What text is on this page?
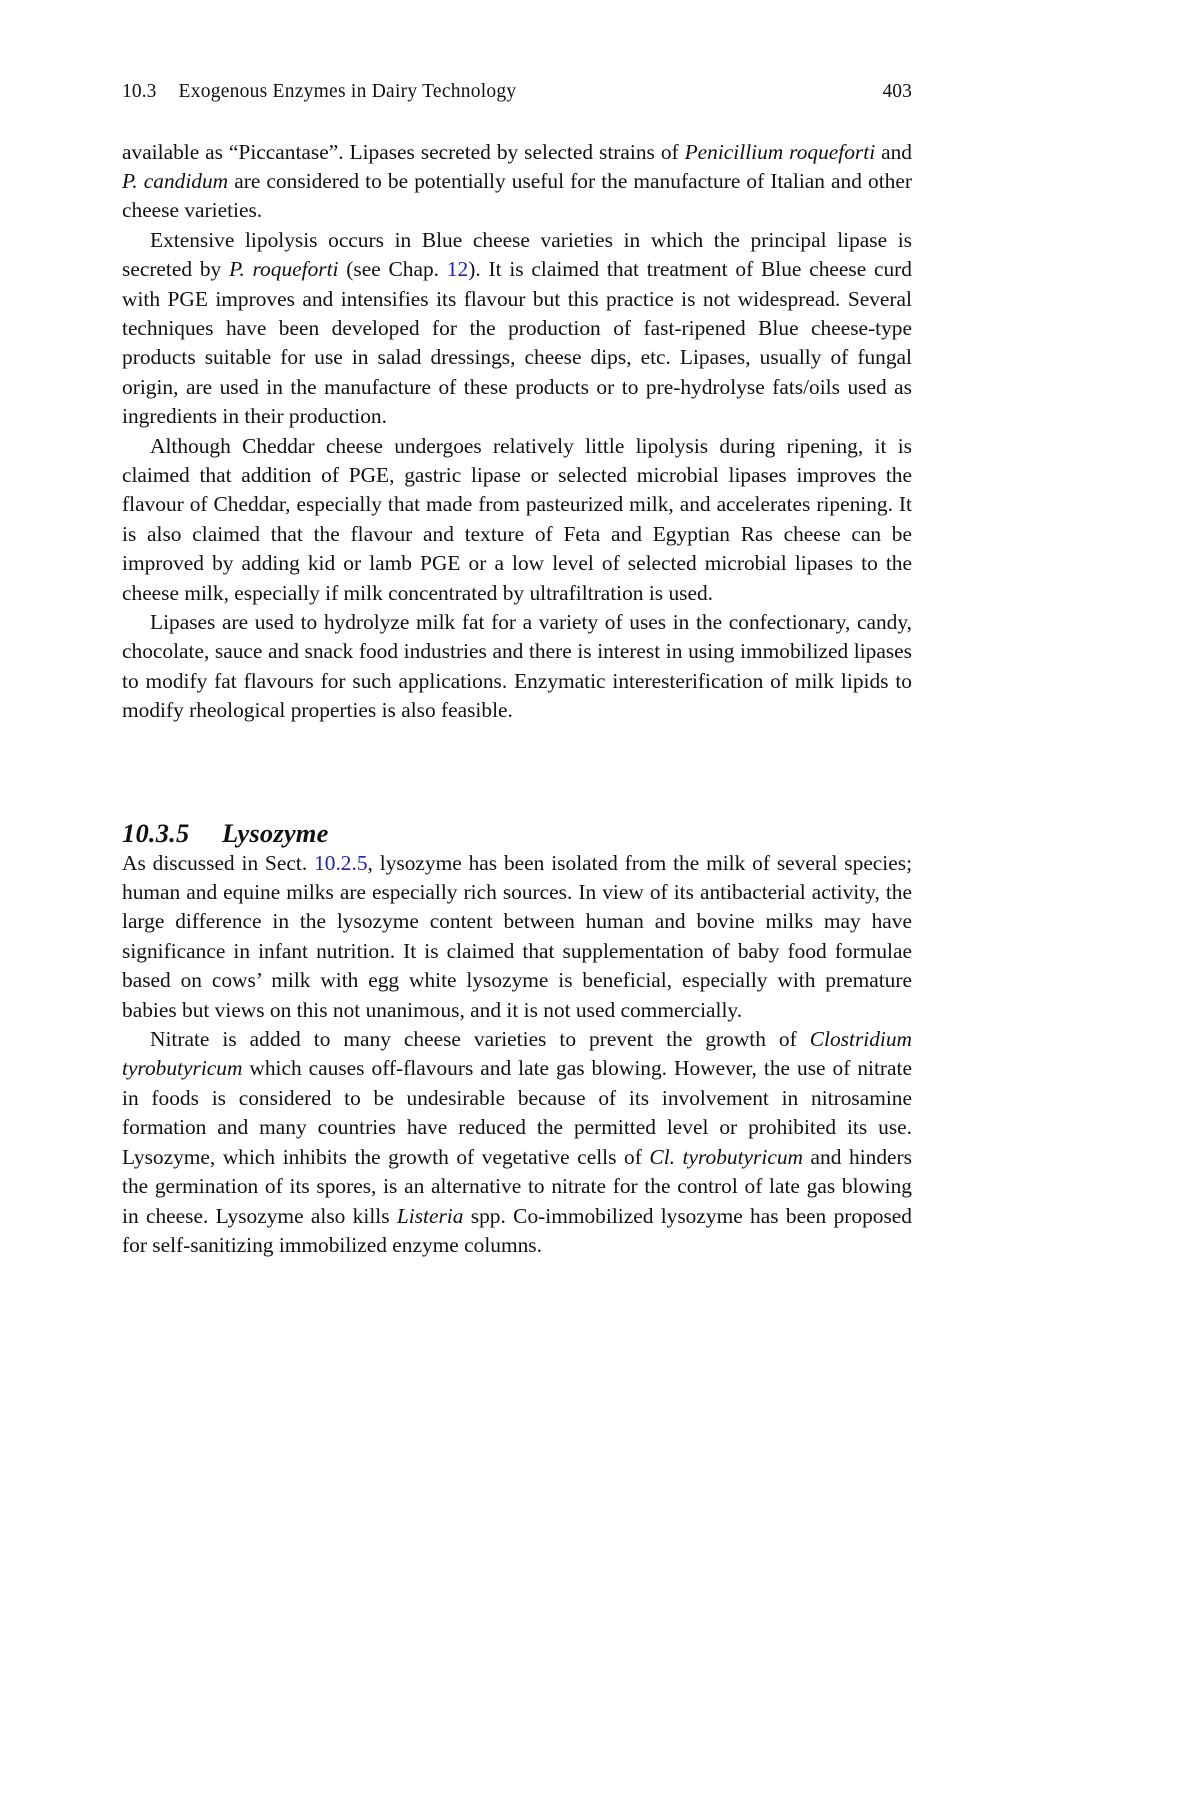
10.3 Exogenous Enzymes in Dairy Technology	403

available as “Piccantase”. Lipases secreted by selected strains of Penicillium roqueforti and P. candidum are considered to be potentially useful for the manufacture of Italian and other cheese varieties.

Extensive lipolysis occurs in Blue cheese varieties in which the principal lipase is secreted by P. roqueforti (see Chap. 12). It is claimed that treatment of Blue cheese curd with PGE improves and intensifies its flavour but this practice is not widespread. Several techniques have been developed for the production of fast-ripened Blue cheese-type products suitable for use in salad dressings, cheese dips, etc. Lipases, usually of fungal origin, are used in the manufacture of these products or to pre-hydrolyse fats/oils used as ingredients in their production.

Although Cheddar cheese undergoes relatively little lipolysis during ripening, it is claimed that addition of PGE, gastric lipase or selected microbial lipases improves the flavour of Cheddar, especially that made from pasteurized milk, and accelerates ripening. It is also claimed that the flavour and texture of Feta and Egyptian Ras cheese can be improved by adding kid or lamb PGE or a low level of selected microbial lipases to the cheese milk, especially if milk concentrated by ultrafiltration is used.

Lipases are used to hydrolyze milk fat for a variety of uses in the confectionary, candy, chocolate, sauce and snack food industries and there is interest in using immobilized lipases to modify fat flavours for such applications. Enzymatic interesterification of milk lipids to modify rheological properties is also feasible.

10.3.5	Lysozyme

As discussed in Sect. 10.2.5, lysozyme has been isolated from the milk of several species; human and equine milks are especially rich sources. In view of its antibacterial activity, the large difference in the lysozyme content between human and bovine milks may have significance in infant nutrition. It is claimed that supplementation of baby food formulae based on cows’ milk with egg white lysozyme is beneficial, especially with premature babies but views on this not unanimous, and it is not used commercially.

Nitrate is added to many cheese varieties to prevent the growth of Clostridium tyrobutyricum which causes off-flavours and late gas blowing. However, the use of nitrate in foods is considered to be undesirable because of its involvement in nitrosamine formation and many countries have reduced the permitted level or prohibited its use. Lysozyme, which inhibits the growth of vegetative cells of Cl. tyrobutyricum and hinders the germination of its spores, is an alternative to nitrate for the control of late gas blowing in cheese. Lysozyme also kills Listeria spp. Co-immobilized lysozyme has been proposed for self-sanitizing immobilized enzyme columns.
